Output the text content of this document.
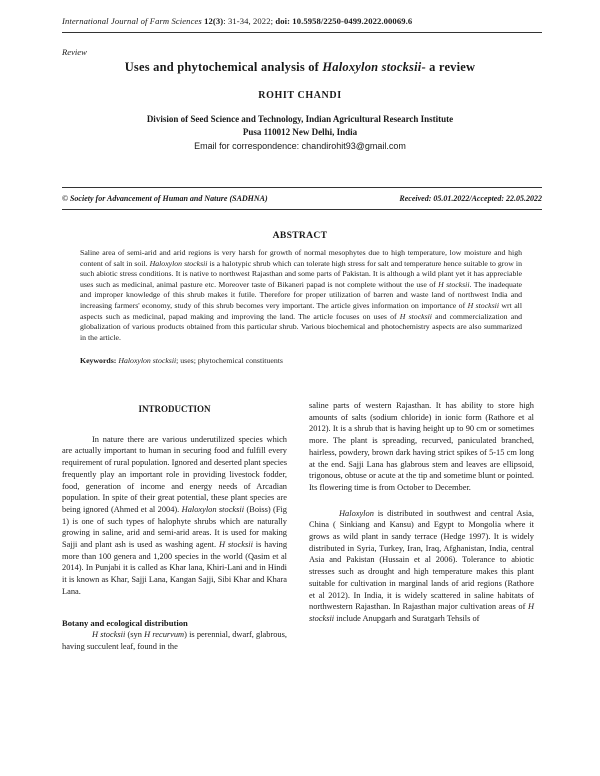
International Journal of Farm Sciences 12(3): 31-34, 2022; doi: 10.5958/2250-0499.2022.00069.6
Review
Uses and phytochemical analysis of Haloxylon stocksii- a review
ROHIT CHANDI
Division of Seed Science and Technology, Indian Agricultural Research Institute
Pusa 110012 New Delhi, India
Email for correspondence: chandirohit93@gmail.com
© Society for Advancement of Human and Nature (SADHNA)	Received: 05.01.2022/Accepted: 22.05.2022
ABSTRACT
Saline area of semi-arid and arid regions is very harsh for growth of normal mesophytes due to high temperature, low moisture and high content of salt in soil. Haloxylon stocksii is a halotypic shrub which can tolerate high stress for salt and temperature hence suitable to grow in such abiotic stress conditions. It is native to northwest Rajasthan and some parts of Pakistan. It is although a wild plant yet it has appreciable uses such as medicinal, animal pasture etc. Moreover taste of Bikaneri papad is not complete without the use of H stocksii. The inadequate and improper knowledge of this shrub makes it futile. Therefore for proper utilization of barren and waste land of northwest India and increasing farmers' economy, study of this shrub becomes very important. The article gives information on importance of H stocksii wrt all aspects such as medicinal, papad making and improving the land. The article focuses on uses of H stocksii and commercialization and globalization of various products obtained from this particular shrub. Various biochemical and photochemistry aspects are also summarized in the article.
Keywords: Haloxylon stocksii; uses; phytochemical constituents
INTRODUCTION

In nature there are various underutilized species which are actually important to human in securing food and fulfill every requirement of rural population. Ignored and deserted plant species frequently play an important role in providing livestock fodder, food, generation of income and energy needs of Arcadian population. In spite of their great potential, these plant species are being ignored (Ahmed et al 2004). Haloxylon stocksii (Boiss) (Fig 1) is one of such types of halophyte shrubs which are naturally growing in saline, arid and semi-arid areas. It is used for making Sajji and plant ash is used as washing agent. H stocksii is having more than 100 genera and 1,200 species in the world (Qasim et al 2014). In Punjabi it is called as Khar lana, Khiri-Lani and in Hindi it is known as Khar, Sajji Lana, Kangan Sajji, Sibi Khar and Khara Lana.

Botany and ecological distribution

H stocksii (syn H recurvum) is perennial, dwarf, glabrous, having succulent leaf, found in the

saline parts of western Rajasthan. It has ability to store high amounts of salts (sodium chloride) in ionic form (Rathore et al 2012). It is a shrub that is having height up to 90 cm or sometimes more. The plant is spreading, recurved, paniculated branched, hairless, powdery, brown dark having strict spikes of 5-15 cm long at the end. Sajji Lana has glabrous stem and leaves are ellipsoid, trigonous, obtuse or acute at the tip and sometime blunt or pointed. Its flowering time is from October to December.

Haloxylon is distributed in southwest and central Asia, China ( Sinkiang and Kansu) and Egypt to Mongolia where it grows as wild plant in sandy terrace (Hedge 1997). It is widely distributed in Syria, Turkey, Iran, Iraq, Afghanistan, India, central Asia and Pakistan (Hussain et al 2006). Tolerance to abiotic stresses such as drought and high temperature makes this plant suitable for cultivation in marginal lands of arid regions (Rathore et al 2012). In India, it is widely scattered in saline habitats of northwestern Rajasthan. In Rajasthan major cultivation areas of H stocksii include Anupgarh and Suratgarh Tehsils of
